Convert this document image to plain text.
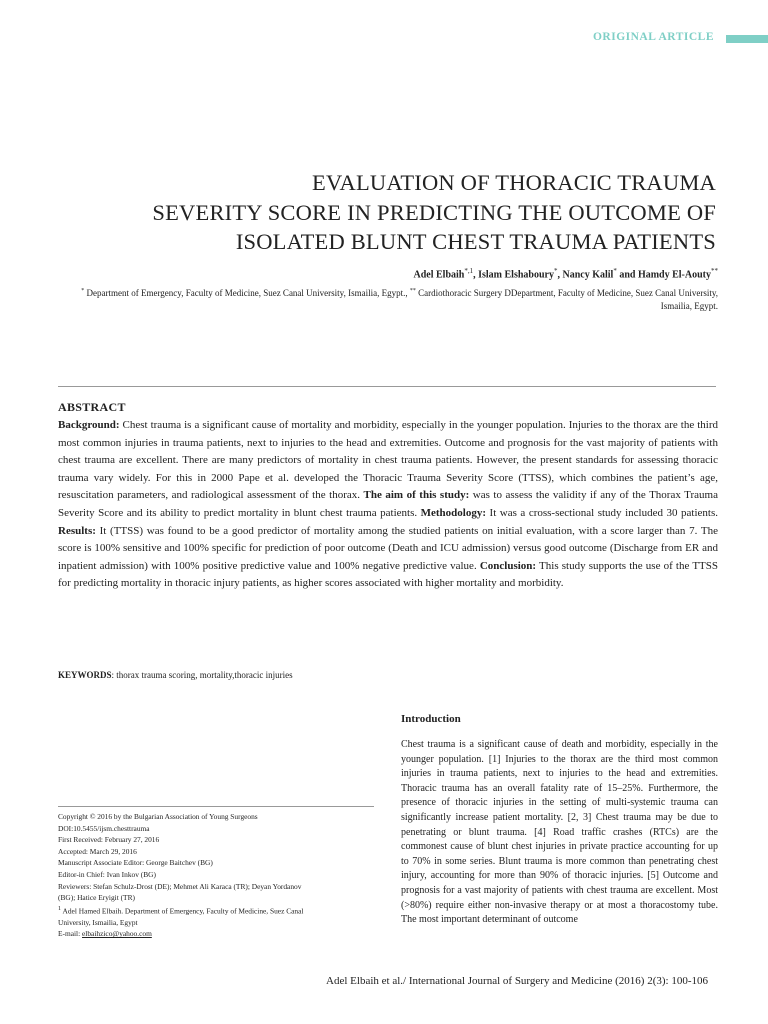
ORIGINAL ARTICLE
EVALUATION OF THORACIC TRAUMA
SEVERITY SCORE IN PREDICTING THE OUTCOME OF
ISOLATED BLUNT CHEST TRAUMA PATIENTS
Adel Elbaih$^{*,1}$, Islam Elshaboury*, Nancy Kalil* and Hamdy El-Aouty**
* Department of Emergency, Faculty of Medicine, Suez Canal University, Ismailia, Egypt., ** Cardiothoracic Surgery DDepartment, Faculty of Medicine, Suez Canal University, Ismailia, Egypt.
ABSTRACT
Background: Chest trauma is a significant cause of mortality and morbidity, especially in the younger population. Injuries to the thorax are the third most common injuries in trauma patients, next to injuries to the head and extremities. Outcome and prognosis for the vast majority of patients with chest trauma are excellent. There are many predictors of mortality in chest trauma patients. However, the present standards for assessing thoracic trauma vary widely. For this in 2000 Pape et al. developed the Thoracic Trauma Severity Score (TTSS), which combines the patient’s age, resuscitation parameters, and radiological assessment of the thorax. The aim of this study: was to assess the validity if any of the Thorax Trauma Severity Score and its ability to predict mortality in blunt chest trauma patients. Methodology: It was a cross-sectional study included 30 patients. Results: It (TTSS) was found to be a good predictor of mortality among the studied patients on initial evaluation, with a score larger than 7. The score is 100% sensitive and 100% specific for prediction of poor outcome (Death and ICU admission) versus good outcome (Discharge from ER and inpatient admission) with 100% positive predictive value and 100% negative predictive value. Conclusion: This study supports the use of the TTSS for predicting mortality in thoracic injury patients, as higher scores associated with higher mortality and morbidity.
KEYWORDS: thorax trauma scoring, mortality,thoracic injuries
Introduction
Chest trauma is a significant cause of death and morbidity, especially in the younger population. [1] Injuries to the thorax are the third most common injuries in trauma patients, next to injuries to the head and extremities. Thoracic trauma has an overall fatality rate of 15–25%. Furthermore, the presence of thoracic injuries in the setting of multi-systemic trauma can significantly increase patient mortality. [2, 3] Chest trauma may be due to penetrating or blunt trauma. [4] Road traffic crashes (RTCs) are the commonest cause of blunt chest injuries in private practice accounting for up to 70% in some series. Blunt trauma is more common than penetrating chest injury, accounting for more than 90% of thoracic injuries. [5] Outcome and prognosis for a vast majority of patients with chest trauma are excellent. Most (>80%) require either non-invasive therapy or at most a thoracostomy tube. The most important determinant of outcome
Copyright © 2016 by the Bulgarian Association of Young Surgeons
DOI:10.5455/ijsm.chesttrauma
First Received: February 27, 2016
Accepted: March 29, 2016
Manuscript Associate Editor: George Baitchev (BG)
Editor-in Chief: Ivan Inkov (BG)
Reviewers: Stefan Schulz-Drost (DE); Mehmet Ali Karaca (TR); Deyan Yordanov
(BG); Hatice Eryigit (TR)
$^1$ Adel Hamed Elbaih. Department of Emergency, Faculty of Medicine, Suez Canal
University, Ismailia, Egypt
E-mail: elbaihzico@yahoo.com
Adel Elbaih et al./ International Journal of Surgery and Medicine (2016) 2(3): 100-106
